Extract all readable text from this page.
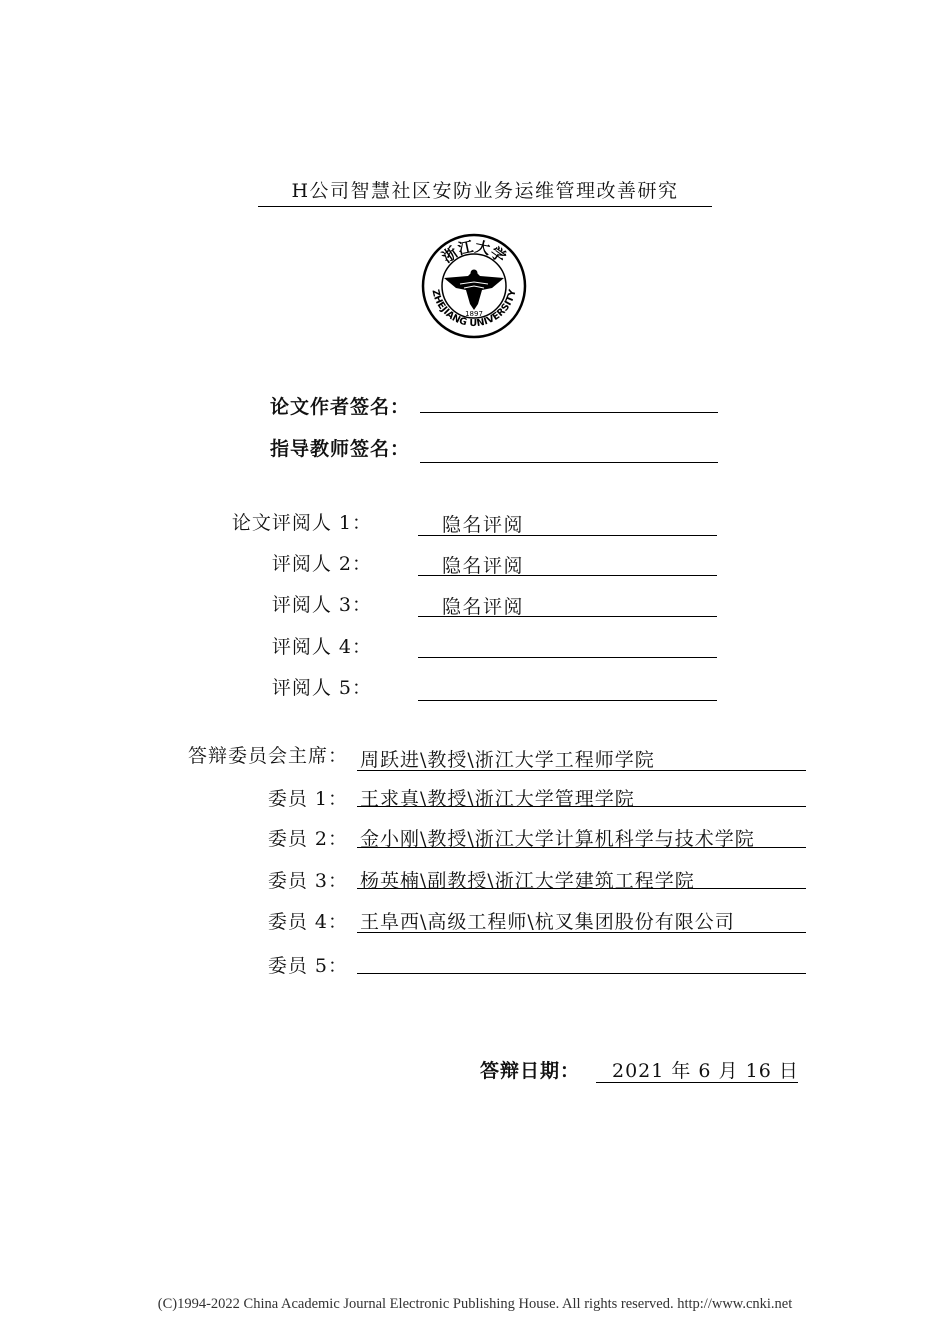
H公司智慧社区安防业务运维管理改善研究
浙江大学
1897
ZHEJIANG UNIVERSITY
论文作者签名：
指导教师签名：
论文评阅人 1：	隐名评阅
评阅人 2：	隐名评阅
评阅人 3：	隐名评阅
评阅人 4：
评阅人 5：
答辩委员会主席： 周跃进\教授\浙江大学工程师学院
委员 1： 王求真\教授\浙江大学管理学院
委员 2： 金小刚\教授\浙江大学计算机科学与技术学院
委员 3： 杨英楠\副教授\浙江大学建筑工程学院
委员 4： 王阜西\高级工程师\杭叉集团股份有限公司
委员 5：
答辩日期： 2021 年 6 月 16 日
(C)1994-2022 China Academic Journal Electronic Publishing House. All rights reserved. http://www.cnki.net
